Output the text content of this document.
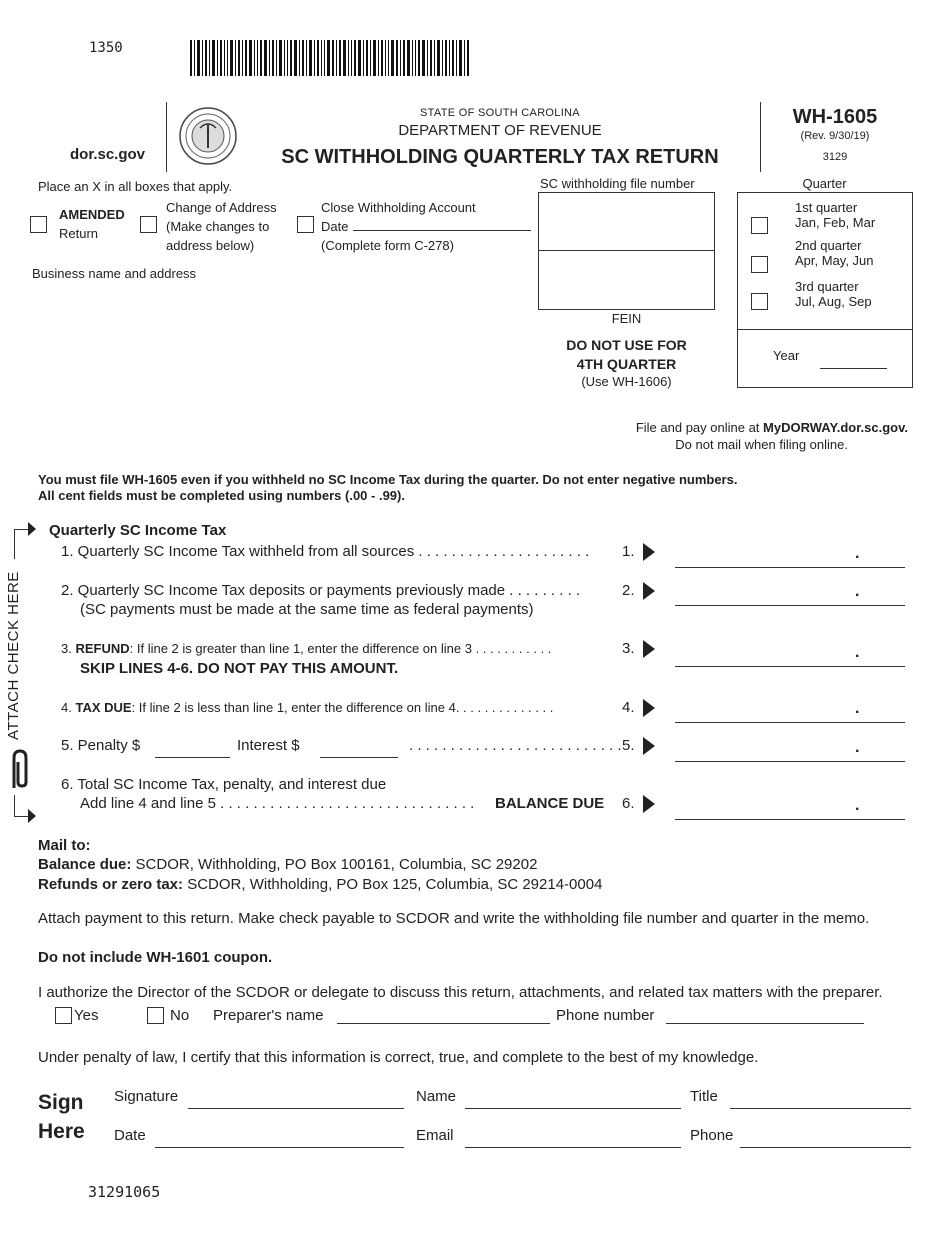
1350
dor.sc.gov
STATE OF SOUTH CAROLINA
DEPARTMENT OF REVENUE
SC WITHHOLDING QUARTERLY TAX RETURN
WH-1605
(Rev. 9/30/19)
3129
Place an X in all boxes that apply.
AMENDED
Return
Change of Address
(Make changes to
address below)
Close Withholding Account
Date
(Complete form C-278)
Business name and address
SC withholding file number
FEIN
DO NOT USE FOR
4TH QUARTER
(Use WH-1606)
Quarter
1st quarter
Jan, Feb, Mar
2nd quarter
Apr, May, Jun
3rd quarter
Jul, Aug, Sep
Year
File and pay online at MyDORWAY.dor.sc.gov.
Do not mail when filing online.
You must file WH-1605 even if you withheld no SC Income Tax during the quarter. Do not enter negative numbers.
All cent fields must be completed using numbers (.00 - .99).
ATTACH CHECK HERE
Quarterly SC Income Tax
1. Quarterly SC Income Tax withheld from all sources . . . . . . . . . . . . . . . . . . . . . 1.	.
2. Quarterly SC Income Tax deposits or payments previously made . . . . . . . . .
(SC payments must be made at the same time as federal payments)
2.	.
3. REFUND: If line 2 is greater than line 1, enter the difference on line 3 . . . . . . . . . . .
SKIP LINES 4-6. DO NOT PAY THIS AMOUNT.
3.	.
4. TAX DUE: If line 2 is less than line 1, enter the difference on line 4. . . . . . . . . . . . . .	4.	.
5. Penalty $	Interest $	. . . . . . . . . . . . . . . . . . . . . . . . . . 5.	.
6. Total SC Income Tax, penalty, and interest due
Add line 4 and line 5 . . . . . . . . . . . . . . . . . . . . . . . . . . . . . . . BALANCE DUE 6.	.
Mail to:
Balance due: SCDOR, Withholding, PO Box 100161, Columbia, SC 29202
Refunds or zero tax: SCDOR, Withholding, PO Box 125, Columbia, SC 29214-0004
Attach payment to this return. Make check payable to SCDOR and write the withholding file number and quarter in the memo.
Do not include WH-1601 coupon.
I authorize the Director of the SCDOR or delegate to discuss this return, attachments, and related tax matters with the preparer.
Yes	No Preparer's name	Phone number
Under penalty of law, I certify that this information is correct, true, and complete to the best of my knowledge.
Sign
Here
Signature	Name	Title
Date	Email	Phone
31291065
